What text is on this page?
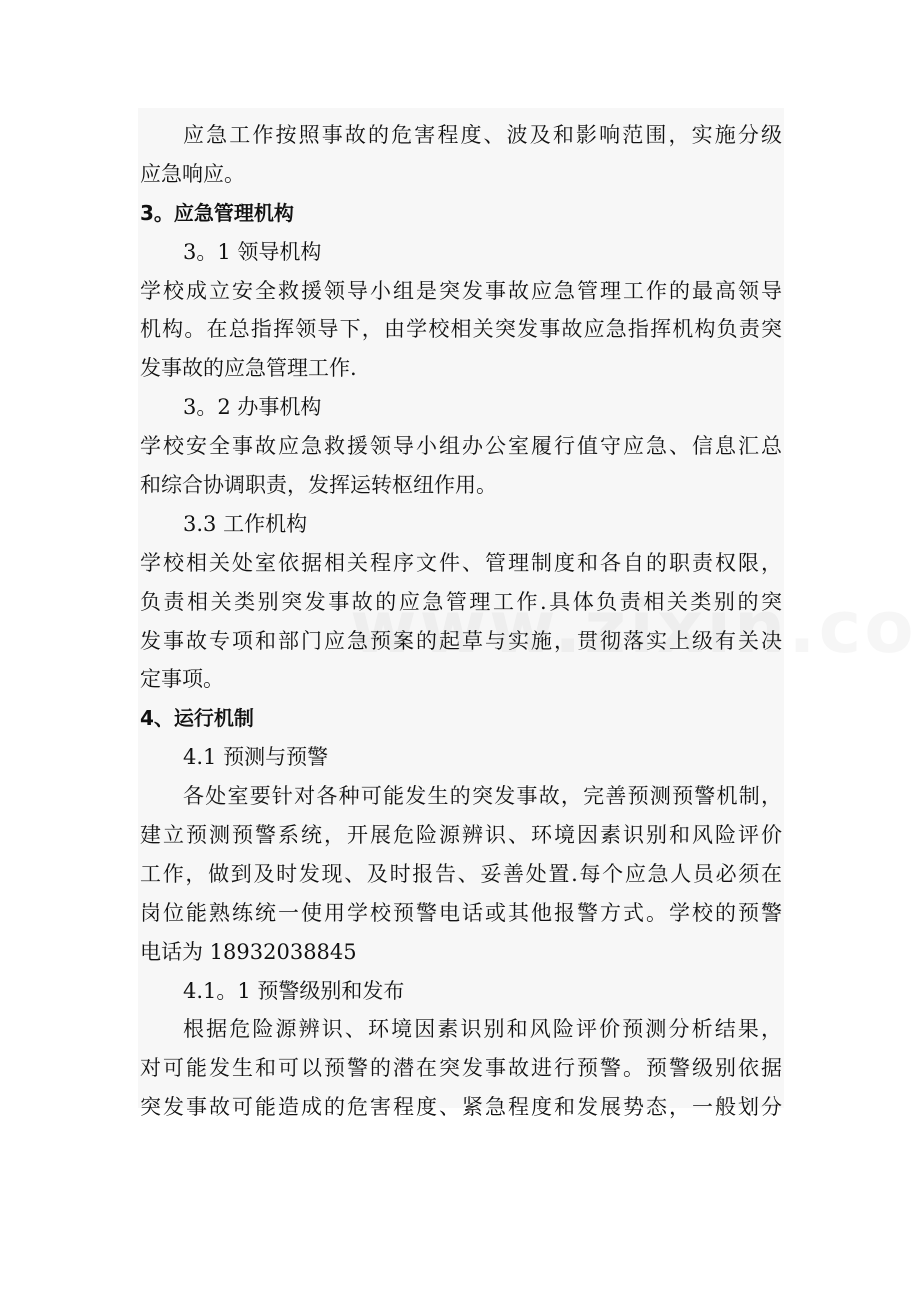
应急工作按照事故的危害程度、波及和影响范围，实施分级
应急响应。
3。应急管理机构
3。1 领导机构
学校成立安全救援领导小组是突发事故应急管理工作的最高领导
机构。在总指挥领导下，由学校相关突发事故应急指挥机构负责突
发事故的应急管理工作.
3。2 办事机构
学校安全事故应急救援领导小组办公室履行值守应急、信息汇总
和综合协调职责，发挥运转枢纽作用。
3.3 工作机构
学校相关处室依据相关程序文件、管理制度和各自的职责权限，
负责相关类别突发事故的应急管理工作.具体负责相关类别的突
发事故专项和部门应急预案的起草与实施，贯彻落实上级有关决
定事项。
4、运行机制
4.1 预测与预警
各处室要针对各种可能发生的突发事故，完善预测预警机制，
建立预测预警系统，开展危险源辨识、环境因素识别和风险评价
工作，做到及时发现、及时报告、妥善处置.每个应急人员必须在
岗位能熟练统一使用学校预警电话或其他报警方式。学校的预警
电话为 18932038845
4.1。1 预警级别和发布
根据危险源辨识、环境因素识别和风险评价预测分析结果，
对可能发生和可以预警的潜在突发事故进行预警。预警级别依据
突发事故可能造成的危害程度、紧急程度和发展势态，一般划分
